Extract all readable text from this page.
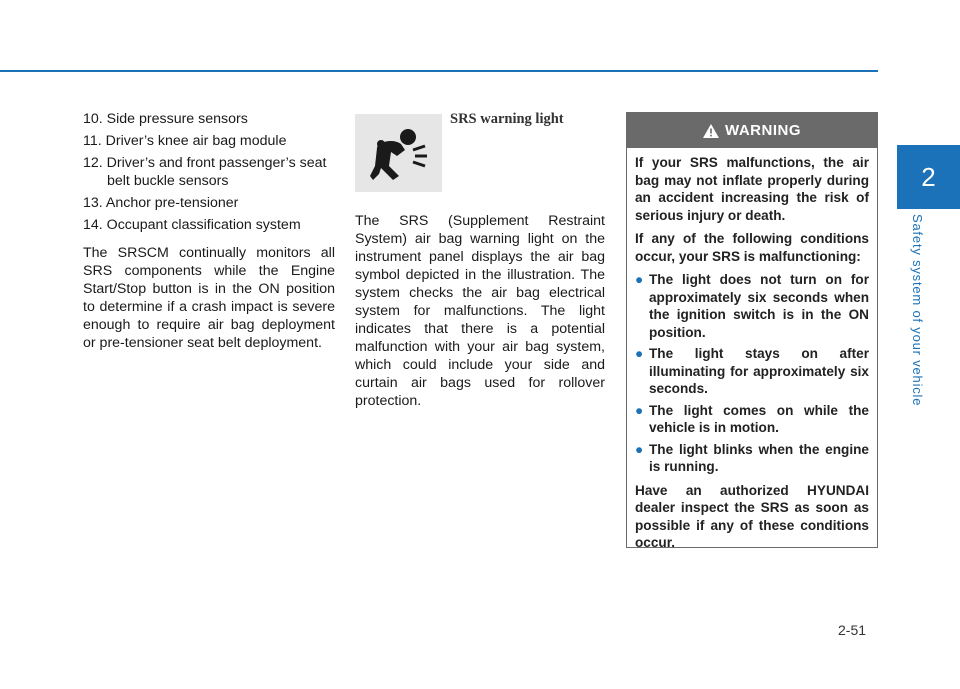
2
Safety system of your vehicle
10. Side pressure sensors
11. Driver’s knee air bag module
12. Driver’s and front passenger’s seat belt buckle sensors
13. Anchor pre-tensioner
14. Occupant classification system

The SRSCM continually monitors all SRS components while the Engine Start/Stop button is in the ON position to determine if a crash impact is severe enough to require air bag deployment or pre-tensioner seat belt deployment.

SRS warning light

The SRS (Supplement Restraint System) air bag warning light on the instrument panel displays the air bag symbol depicted in the illustration. The system checks the air bag electrical system for malfunctions. The light indicates that there is a potential malfunction with your air bag system, which could include your side and curtain air bags used for rollover protection.

WARNING

If your SRS malfunctions, the air bag may not inflate properly during an accident increasing the risk of serious injury or death.

If any of the following conditions occur, your SRS is malfunctioning:

● The light does not turn on for approximately six seconds when the ignition switch is in the ON position.
● The light stays on after illuminating for approximately six seconds.
● The light comes on while the vehicle is in motion.
● The light blinks when the engine is running.

Have an authorized HYUNDAI dealer inspect the SRS as soon as possible if any of these conditions occur.

2-51
